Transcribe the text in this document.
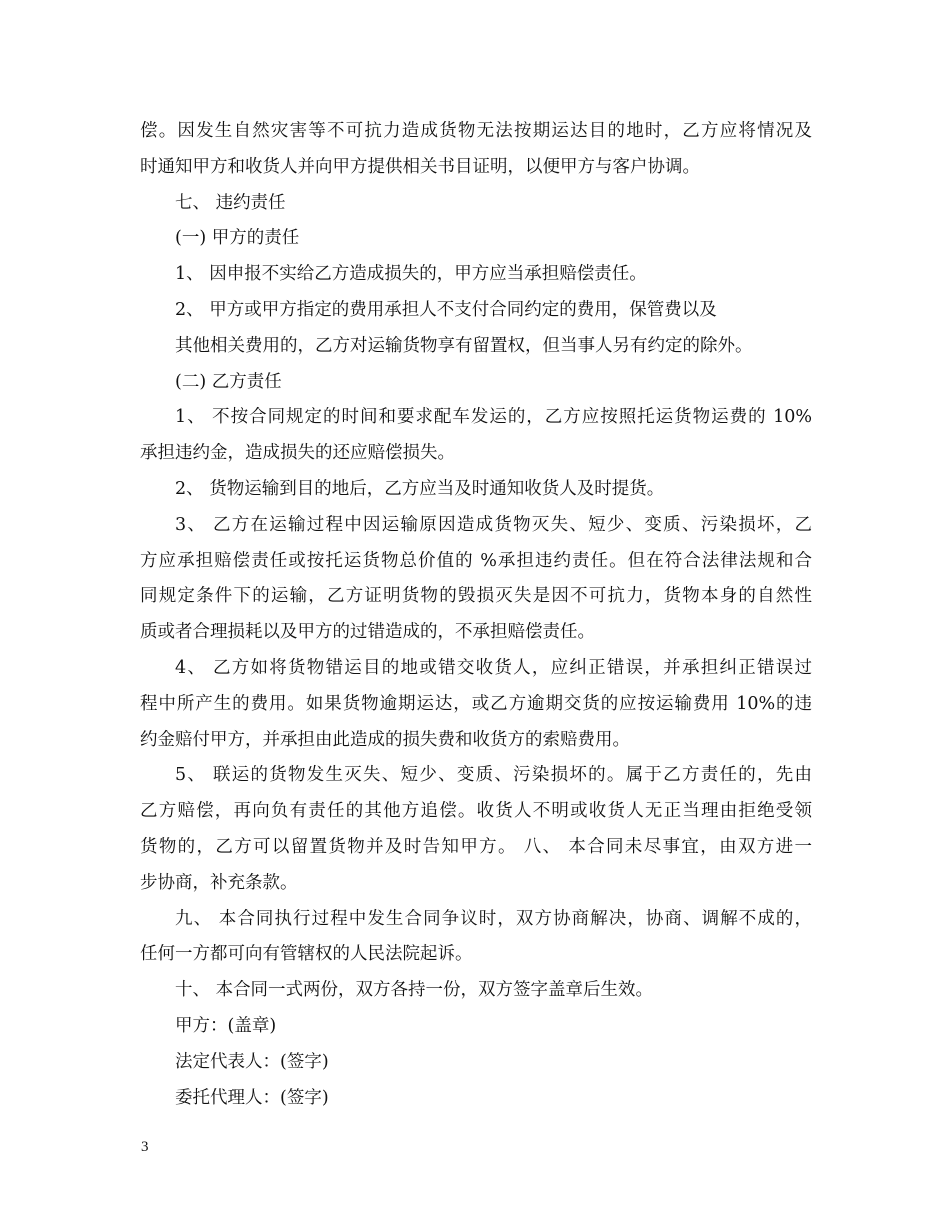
偿。因发生自然灾害等不可抗力造成货物无法按期运达目的地时，乙方应将情况及
时通知甲方和收货人并向甲方提供相关书目证明，以便甲方与客户协调。
七、 违约责任
(一) 甲方的责任
1、 因申报不实给乙方造成损失的，甲方应当承担赔偿责任。
2、 甲方或甲方指定的费用承担人不支付合同约定的费用，保管费以及
其他相关费用的，乙方对运输货物享有留置权，但当事人另有约定的除外。
(二) 乙方责任
1、 不按合同规定的时间和要求配车发运的，乙方应按照托运货物运费的 10%
承担违约金，造成损失的还应赔偿损失。
2、 货物运输到目的地后，乙方应当及时通知收货人及时提货。
3、 乙方在运输过程中因运输原因造成货物灭失、短少、变质、污染损坏，乙
方应承担赔偿责任或按托运货物总价值的 %承担违约责任。但在符合法律法规和合
同规定条件下的运输，乙方证明货物的毁损灭失是因不可抗力，货物本身的自然性
质或者合理损耗以及甲方的过错造成的，不承担赔偿责任。
4、 乙方如将货物错运目的地或错交收货人，应纠正错误，并承担纠正错误过
程中所产生的费用。如果货物逾期运达，或乙方逾期交货的应按运输费用 10%的违
约金赔付甲方，并承担由此造成的损失费和收货方的索赔费用。
5、 联运的货物发生灭失、短少、变质、污染损坏的。属于乙方责任的，先由
乙方赔偿，再向负有责任的其他方追偿。收货人不明或收货人无正当理由拒绝受领
货物的，乙方可以留置货物并及时告知甲方。 八、 本合同未尽事宜，由双方进一
步协商，补充条款。
九、 本合同执行过程中发生合同争议时，双方协商解决，协商、调解不成的，
任何一方都可向有管辖权的人民法院起诉。
十、 本合同一式两份，双方各持一份，双方签字盖章后生效。
甲方：(盖章)
法定代表人：(签字)
委托代理人：(签字)
3
